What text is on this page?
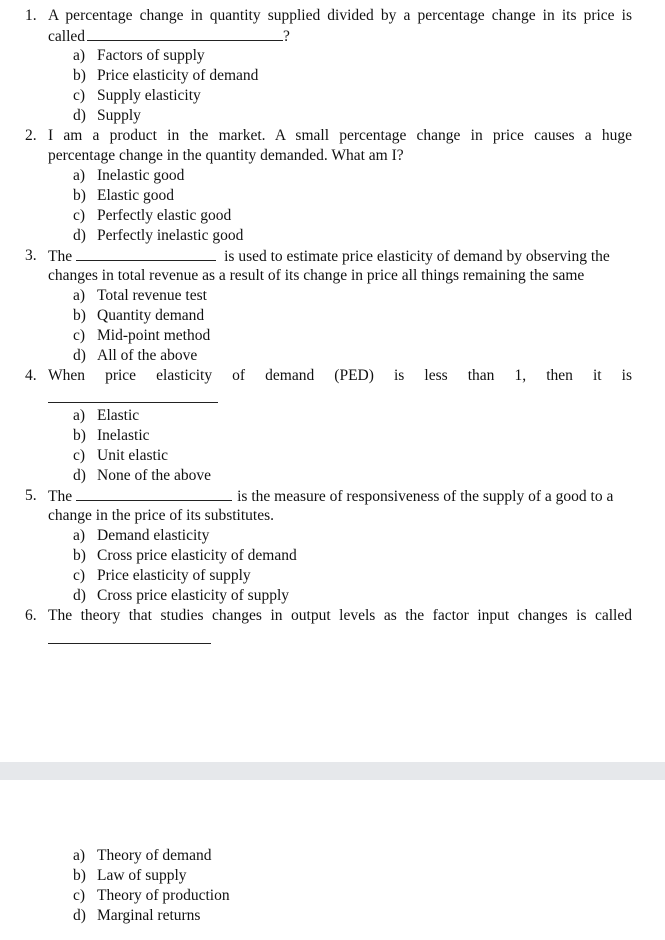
1. A percentage change in quantity supplied divided by a percentage change in its price is
called	?
a) Factors of supply
b) Price elasticity of demand
c) Supply elasticity
d) Supply
2. I am a product in the market. A small percentage change in price causes a huge
percentage change in the quantity demanded. What am I?
a) Inelastic good
b) Elastic good
c) Perfectly elastic good
d) Perfectly inelastic good
3. The	is used to estimate price elasticity of demand by observing the
changes in total revenue as a result of its change in price all things remaining the same
a) Total revenue test
b) Quantity demand
c) Mid-point method
d) All of the above
4. When price elasticity of demand (PED) is less than 1, then it is
a) Elastic
b) Inelastic
c) Unit elastic
d) None of the above
5. The	is the measure of responsiveness of the supply of a good to a
change in the price of its substitutes.
a) Demand elasticity
b) Cross price elasticity of demand
c) Price elasticity of supply
d) Cross price elasticity of supply
6. The theory that studies changes in output levels as the factor input changes is called
a) Theory of demand
b) Law of supply
c) Theory of production
d) Marginal returns
